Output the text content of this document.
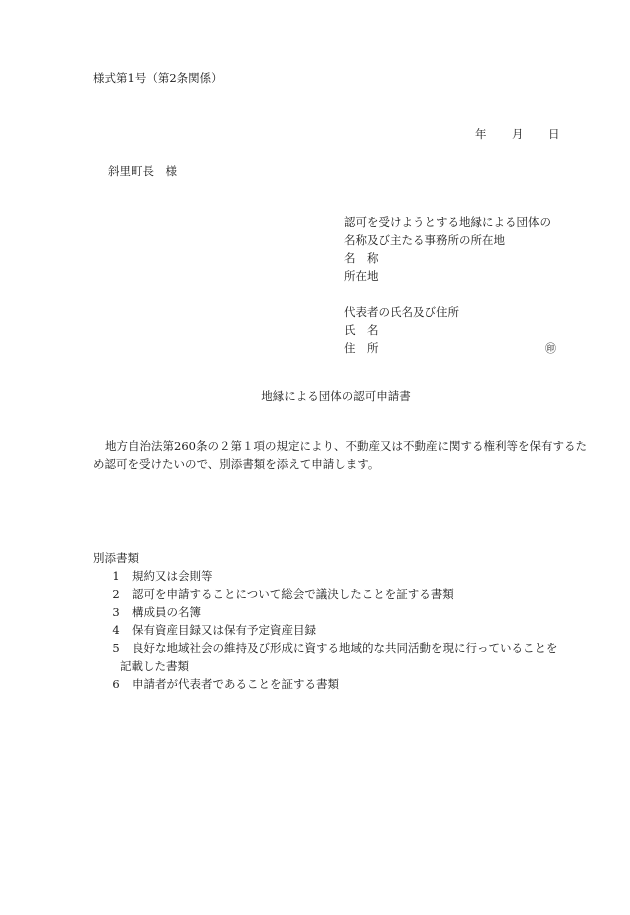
様式第1号（第2条関係）
年 月 日
斜里町長　様
認可を受けようとする地縁による団体の
名称及び主たる事務所の所在地
名　称
所在地
代表者の氏名及び住所
氏　名
住　所	㊞
地縁による団体の認可申請書
地方自治法第260条の２第１項の規定により、不動産又は不動産に関する権利等を保有するため認可を受けたいので、別添書類を添えて申請します。
別添書類
1 規約又は会則等
2 認可を申請することについて総会で議決したことを証する書類
3 構成員の名簿
4 保有資産目録又は保有予定資産目録
5 良好な地域社会の維持及び形成に資する地域的な共同活動を現に行っていることを
記載した書類
6 申請者が代表者であることを証する書類
